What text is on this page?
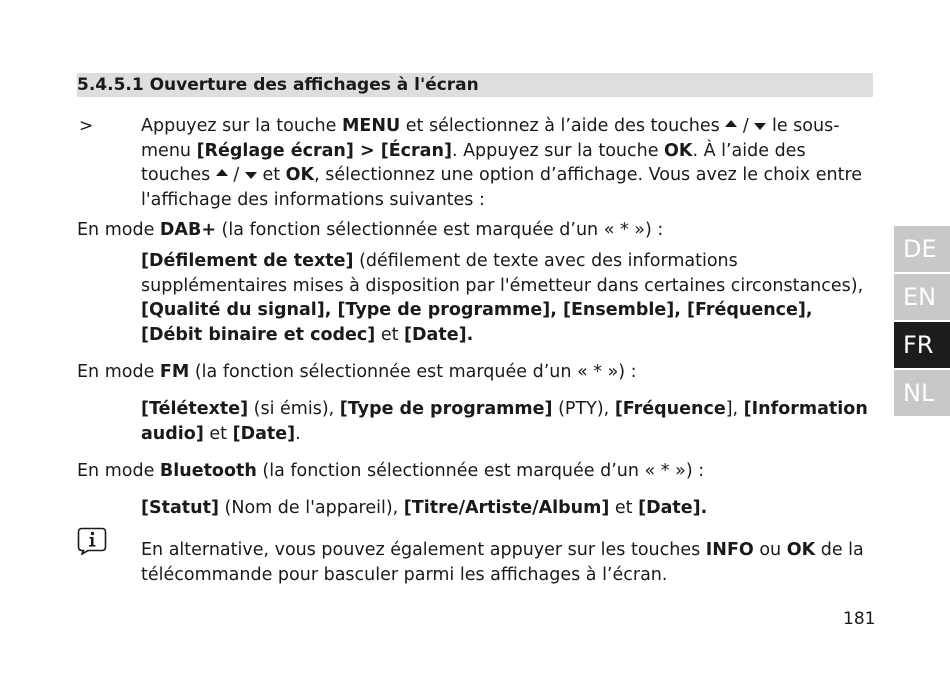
5.4.5.1 Ouverture des affichages à l'écran
>	Appuyez sur la touche MENU et sélectionnez à l’aide des touches  /  le sous-menu [Réglage écran] > [Écran]. Appuyez sur la touche OK. À l’aide des touches  /  et OK, sélectionnez une option d’affichage. Vous avez le choix entre l'affichage des informations suivantes :
En mode DAB+ (la fonction sélectionnée est marquée d’un « * ») :
[Défilement de texte] (défilement de texte avec des informations supplémentaires mises à disposition par l'émetteur dans certaines circonstances), [Qualité du signal], [Type de programme], [Ensemble], [Fréquence], [Débit binaire et codec] et [Date].
En mode FM (la fonction sélectionnée est marquée d’un « * ») :
[Télétexte] (si émis), [Type de programme] (PTY), [Fréquence], [Information audio] et [Date].
En mode Bluetooth (la fonction sélectionnée est marquée d’un « * ») :
[Statut] (Nom de l'appareil), [Titre/Artiste/Album] et [Date].
En alternative, vous pouvez également appuyer sur les touches INFO ou OK de la télécommande pour basculer parmi les affichages à l’écran.
181
DE
EN
FR
NL
